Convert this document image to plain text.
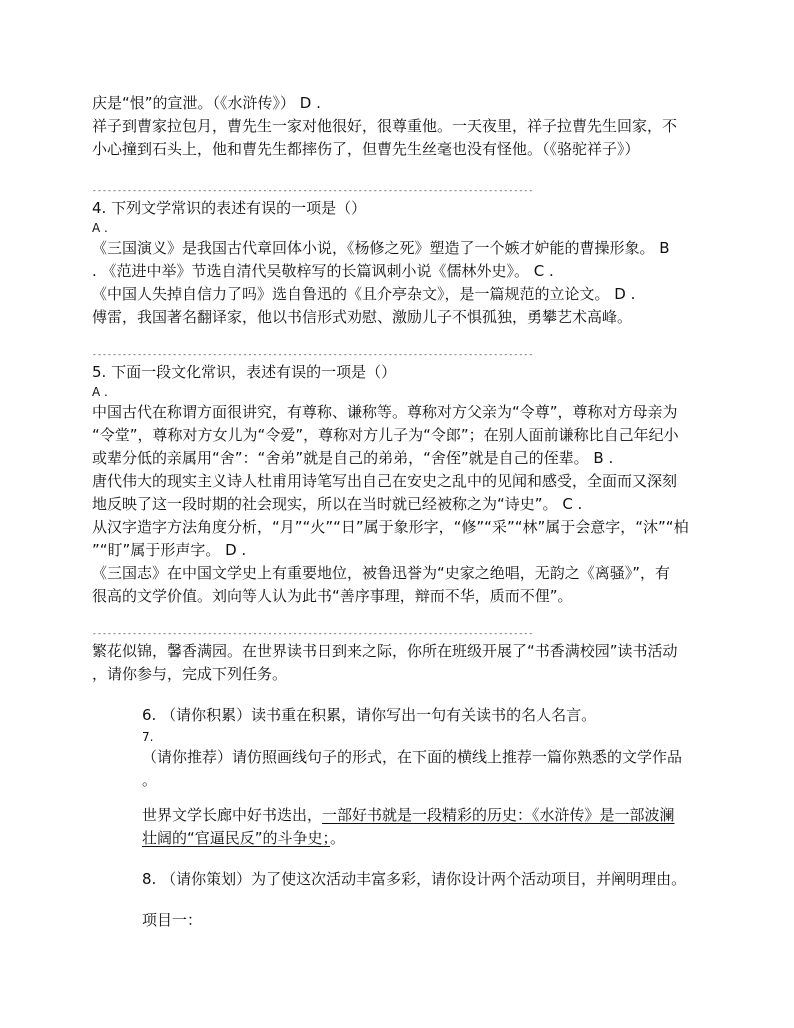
庆是“恨”的宣泄。（《水浒传》） D .
祥子到曹家拉包月，曹先生一家对他很好，很尊重他。一天夜里，祥子拉曹先生回家，不
小心撞到石头上，他和曹先生都摔伤了，但曹先生丝毫也没有怪他。（《骆驼祥子》）
----------------------------------------------------------------------------------------
4. 下列文学常识的表述有误的一项是（）
A .
《三国演义》是我国古代章回体小说，《杨修之死》塑造了一个嫉才妒能的曹操形象。 B
. 《范进中举》节选自清代吴敬梓写的长篇讽刺小说《儒林外史》。 C .
《中国人失掉自信力了吗》选自鲁迅的《且介亭杂文》，是一篇规范的立论文。 D .
傅雷，我国著名翻译家，他以书信形式劝慰、激励儿子不惧孤独，勇攀艺术高峰。
----------------------------------------------------------------------------------------
5. 下面一段文化常识，表述有误的一项是（）
A .
中国古代在称谓方面很讲究，有尊称、谦称等。尊称对方父亲为“令尊”，尊称对方母亲为
“令堂”，尊称对方女儿为“令爱”，尊称对方儿子为“令郎”；在别人面前谦称比自己年纪小
或辈分低的亲属用“舍”：“舍弟”就是自己的弟弟，“舍侄”就是自己的侄辈。 B .
唐代伟大的现实主义诗人杜甫用诗笔写出自己在安史之乱中的见闻和感受，全面而又深刻
地反映了这一段时期的社会现实，所以在当时就已经被称之为“诗史”。 C .
从汉字造字方法角度分析，“月”“火”“日”属于象形字，“修”“采”“林”属于会意字，“沐”“柏
”“盯”属于形声字。 D .
《三国志》在中国文学史上有重要地位，被鲁迅誉为“史家之绝唱，无韵之《离骚》”，有
很高的文学价值。刘向等人认为此书“善序事理，辩而不华，质而不俚”。
----------------------------------------------------------------------------------------
繁花似锦，馨香满园。在世界读书日到来之际，你所在班级开展了“书香满校园”读书活动
，请你参与，完成下列任务。
6. （请你积累）读书重在积累，请你写出一句有关读书的名人名言。
7.
（请你推荐）请仿照画线句子的形式，在下面的横线上推荐一篇你熟悉的文学作品
。
世界文学长廊中好书迭出，一部好书就是一段精彩的历史：《水浒传》是一部波澜
壮阔的“官逼民反”的斗争史；。
8. （请你策划）为了使这次活动丰富多彩，请你设计两个活动项目，并阐明理由。
项目一：
